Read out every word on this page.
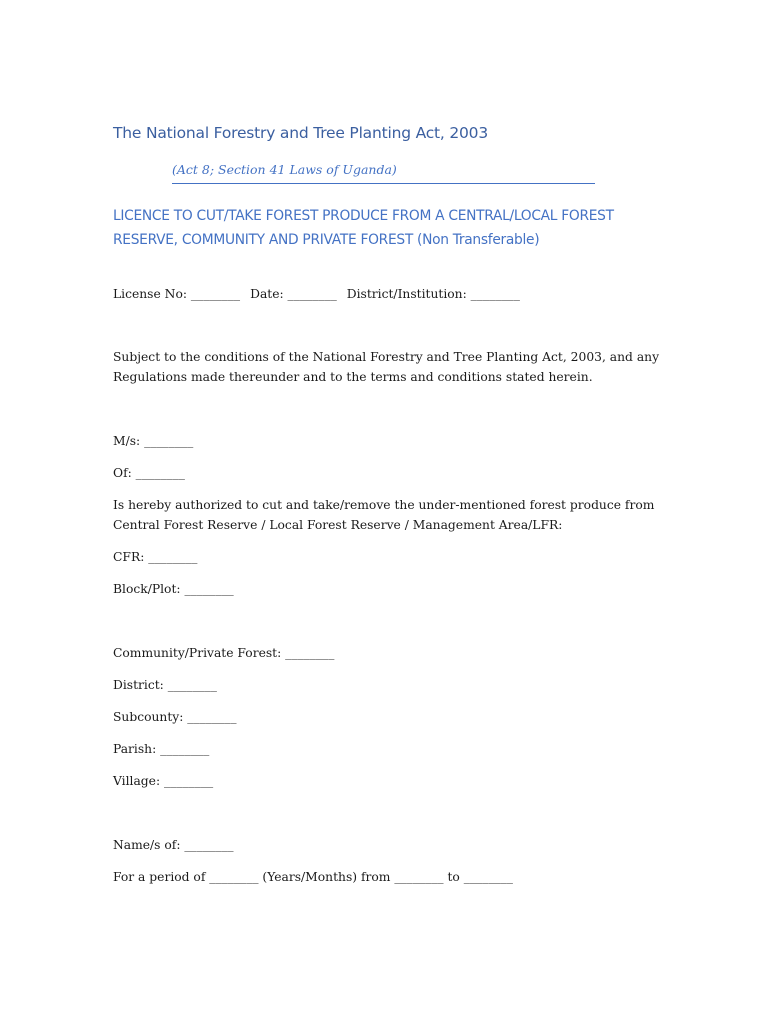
The National Forestry and Tree Planting Act, 2003
(Act 8; Section 41 Laws of Uganda)
LICENCE TO CUT/TAKE FOREST PRODUCE FROM A CENTRAL/LOCAL FOREST RESERVE, COMMUNITY AND PRIVATE FOREST (Non Transferable)
License No: ________ Date: ________ District/Institution: ________
Subject to the conditions of the National Forestry and Tree Planting Act, 2003, and any Regulations made thereunder and to the terms and conditions stated herein.
M/s: ________
Of: ________
Is hereby authorized to cut and take/remove the under-mentioned forest produce from Central Forest Reserve / Local Forest Reserve / Management Area/LFR:
CFR: ________
Block/Plot: ________
Community/Private Forest: ________
District: ________
Subcounty: ________
Parish: ________
Village: ________
Name/s of: ________
For a period of ________ (Years/Months) from ________ to ________
